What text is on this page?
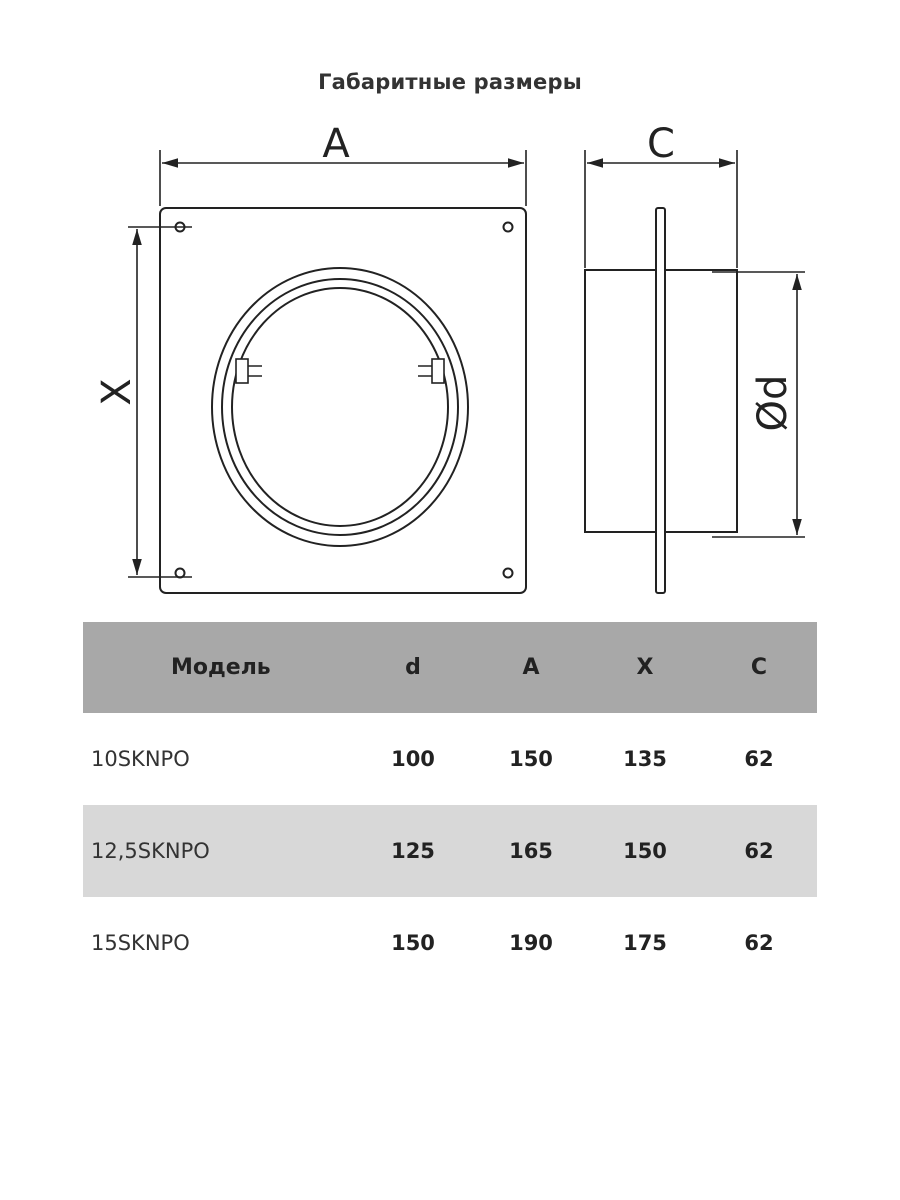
Габаритные размеры
A
X
C
Ød
Модель	d	A	X	C
10SKNPO	100	150	135	62
12,5SKNPO	125	165	150	62
15SKNPO	150	190	175	62
